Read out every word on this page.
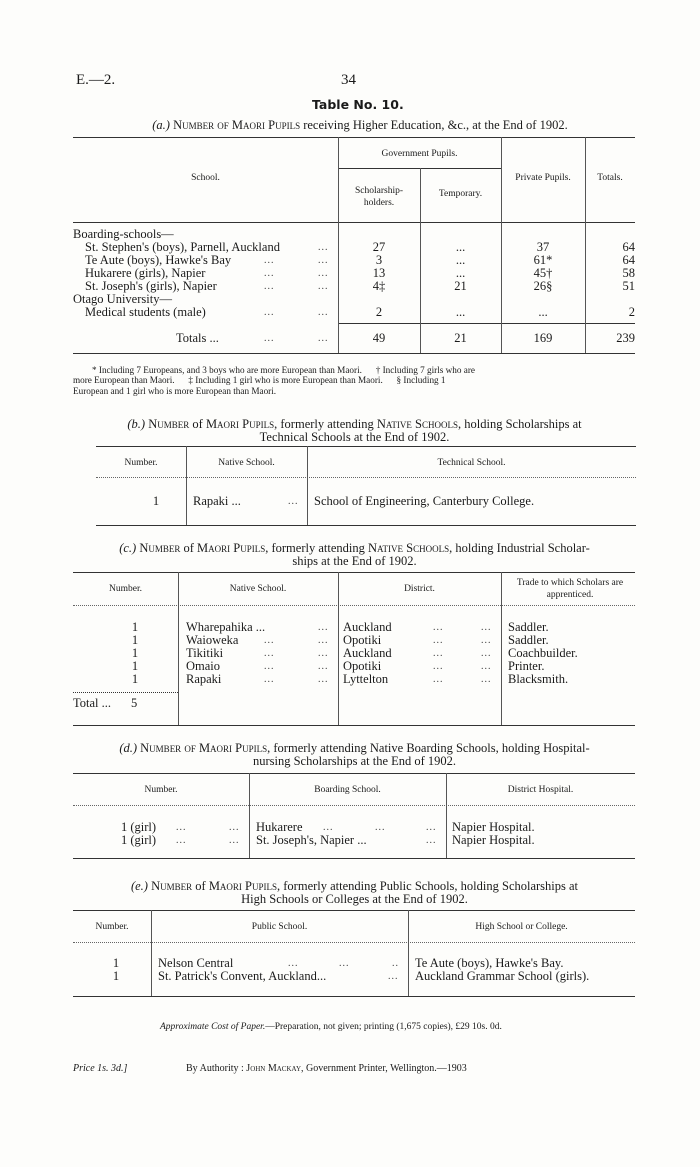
E.—2.	34
Table No. 10.
(a.) Number of Maori Pupils receiving Higher Education, &c., at the End of 1902.
School.
Government Pupils.
Scholarship-holders.
Temporary.
Private Pupils.	Totals.
Boarding-schools—
St. Stephen's (boys), Parnell, Auckland	...	27	...	37	64
Te Aute (boys), Hawke's Bay	...	...	3	...	61*	64
Hukarere (girls), Napier	...	...	13	...	45†	58
St. Joseph's (girls), Napier	...	...	4‡	21	26§	51
Otago University—
Medical students (male)	...	...	2	...	...	2
Totals ...	...	...	49	21	169	239
* Including 7 Europeans, and 3 boys who are more European than Maori.      † Including 7 girls who are
more European than Maori.      ‡ Including 1 girl who is more European than Maori.      § Including 1
European and 1 girl who is more European than Maori.
(b.) Number of Maori Pupils, formerly attending Native Schools, holding Scholarships at
Technical Schools at the End of 1902.
Number.	Native School.	Technical School.
1	Rapaki ...	... School of Engineering, Canterbury College.
(c.) Number of Maori Pupils, formerly attending Native Schools, holding Industrial Scholar-
ships at the End of 1902.
Number.	Native School.	District.
Trade to which Scholars are apprenticed.
1	Wharepahika ...	... Auckland	...	... Saddler.
1	Waioweka	...	... Opotiki	...	... Saddler.
1	Tikitiki	...	... Auckland	...	... Coachbuilder.
1	Omaio	...	... Opotiki	...	... Printer.
1	Rapaki	...	... Lyttelton	...	... Blacksmith.
Total ... 5
(d.) Number of Maori Pupils, formerly attending Native Boarding Schools, holding Hospital-
nursing Scholarships at the End of 1902.
Number.	Boarding School.	District Hospital.
1 (girl) ...	... Hukarere ...	...	... Napier Hospital.
1 (girl) ...	... St. Joseph's, Napier ...	... Napier Hospital.
(e.) Number of Maori Pupils, formerly attending Public Schools, holding Scholarships at
High Schools or Colleges at the End of 1902.
Number.	Public School.	High School or College.
1	Nelson Central	...	...	.. Te Aute (boys), Hawke's Bay.
1	St. Patrick's Convent, Auckland...	... Auckland Grammar School (girls).
Approximate Cost of Paper.—Preparation, not given; printing (1,675 copies), £29 10s. 0d.
Price 1s. 3d.]	By Authority : John Mackay, Government Printer, Wellington.—1903
